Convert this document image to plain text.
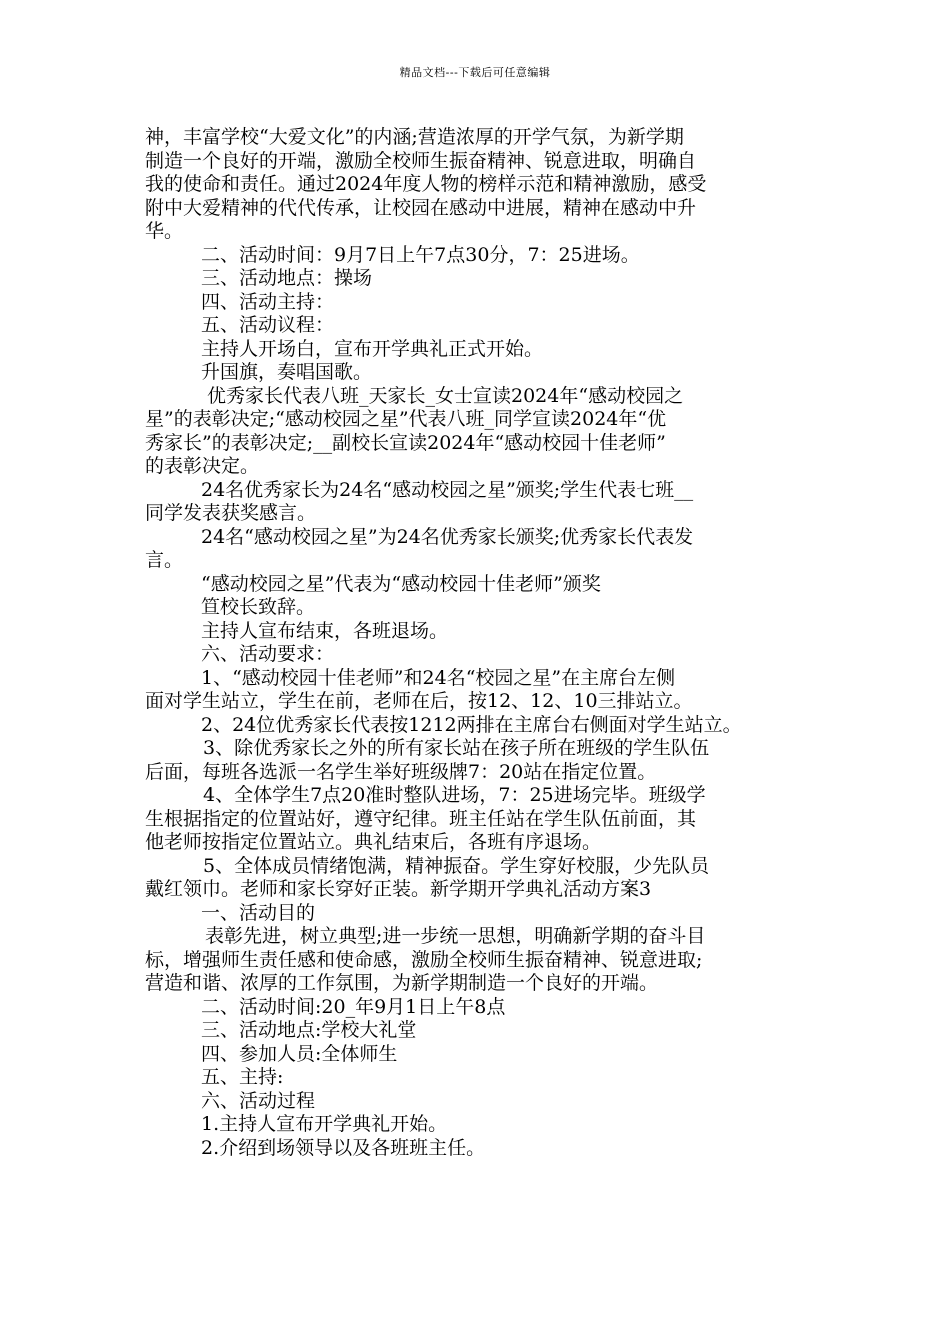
精品文档---下载后可任意编辑
神，丰富学校“大爱文化”的内涵;营造浓厚的开学气氛，为新学期
制造一个良好的开端，激励全校师生振奋精神、锐意进取，明确自
我的使命和责任。通过2024年度人物的榜样示范和精神激励，感受
附中大爱精神的代代传承，让校园在感动中进展，精神在感动中升
华。
二、活动时间：9月7日上午7点30分，7：25进场。
三、活动地点：操场
四、活动主持：
五、活动议程：
主持人开场白，宣布开学典礼正式开始。
升国旗，奏唱国歌。
优秀家长代表八班_天家长_女士宣读2024年“感动校园之
星”的表彰决定;“感动校园之星”代表八班_同学宣读2024年“优
秀家长”的表彰决定;__副校长宣读2024年“感动校园十佳老师”
的表彰决定。
24名优秀家长为24名“感动校园之星”颁奖;学生代表七班__
同学发表获奖感言。
24名“感动校园之星”为24名优秀家长颁奖;优秀家长代表发
言。
“感动校园之星”代表为“感动校园十佳老师”颁奖
笪校长致辞。
主持人宣布结束，各班退场。
六、活动要求：
1、“感动校园十佳老师”和24名“校园之星”在主席台左侧
面对学生站立，学生在前，老师在后，按12、12、10三排站立。
2、24位优秀家长代表按1212两排在主席台右侧面对学生站立。
3、除优秀家长之外的所有家长站在孩子所在班级的学生队伍
后面，每班各选派一名学生举好班级牌7：20站在指定位置。
4、全体学生7点20准时整队进场，7：25进场完毕。班级学
生根据指定的位置站好，遵守纪律。班主任站在学生队伍前面，其
他老师按指定位置站立。典礼结束后，各班有序退场。
5、全体成员情绪饱满，精神振奋。学生穿好校服，少先队员
戴红领巾。老师和家长穿好正装。新学期开学典礼活动方案3
一、活动目的
表彰先进，树立典型;进一步统一思想，明确新学期的奋斗目
标，增强师生责任感和使命感，激励全校师生振奋精神、锐意进取;
营造和谐、浓厚的工作氛围，为新学期制造一个良好的开端。
二、活动时间:20_年9月1日上午8点
三、活动地点:学校大礼堂
四、参加人员:全体师生
五、主持:
六、活动过程
1.主持人宣布开学典礼开始。
2.介绍到场领导以及各班班主任。
